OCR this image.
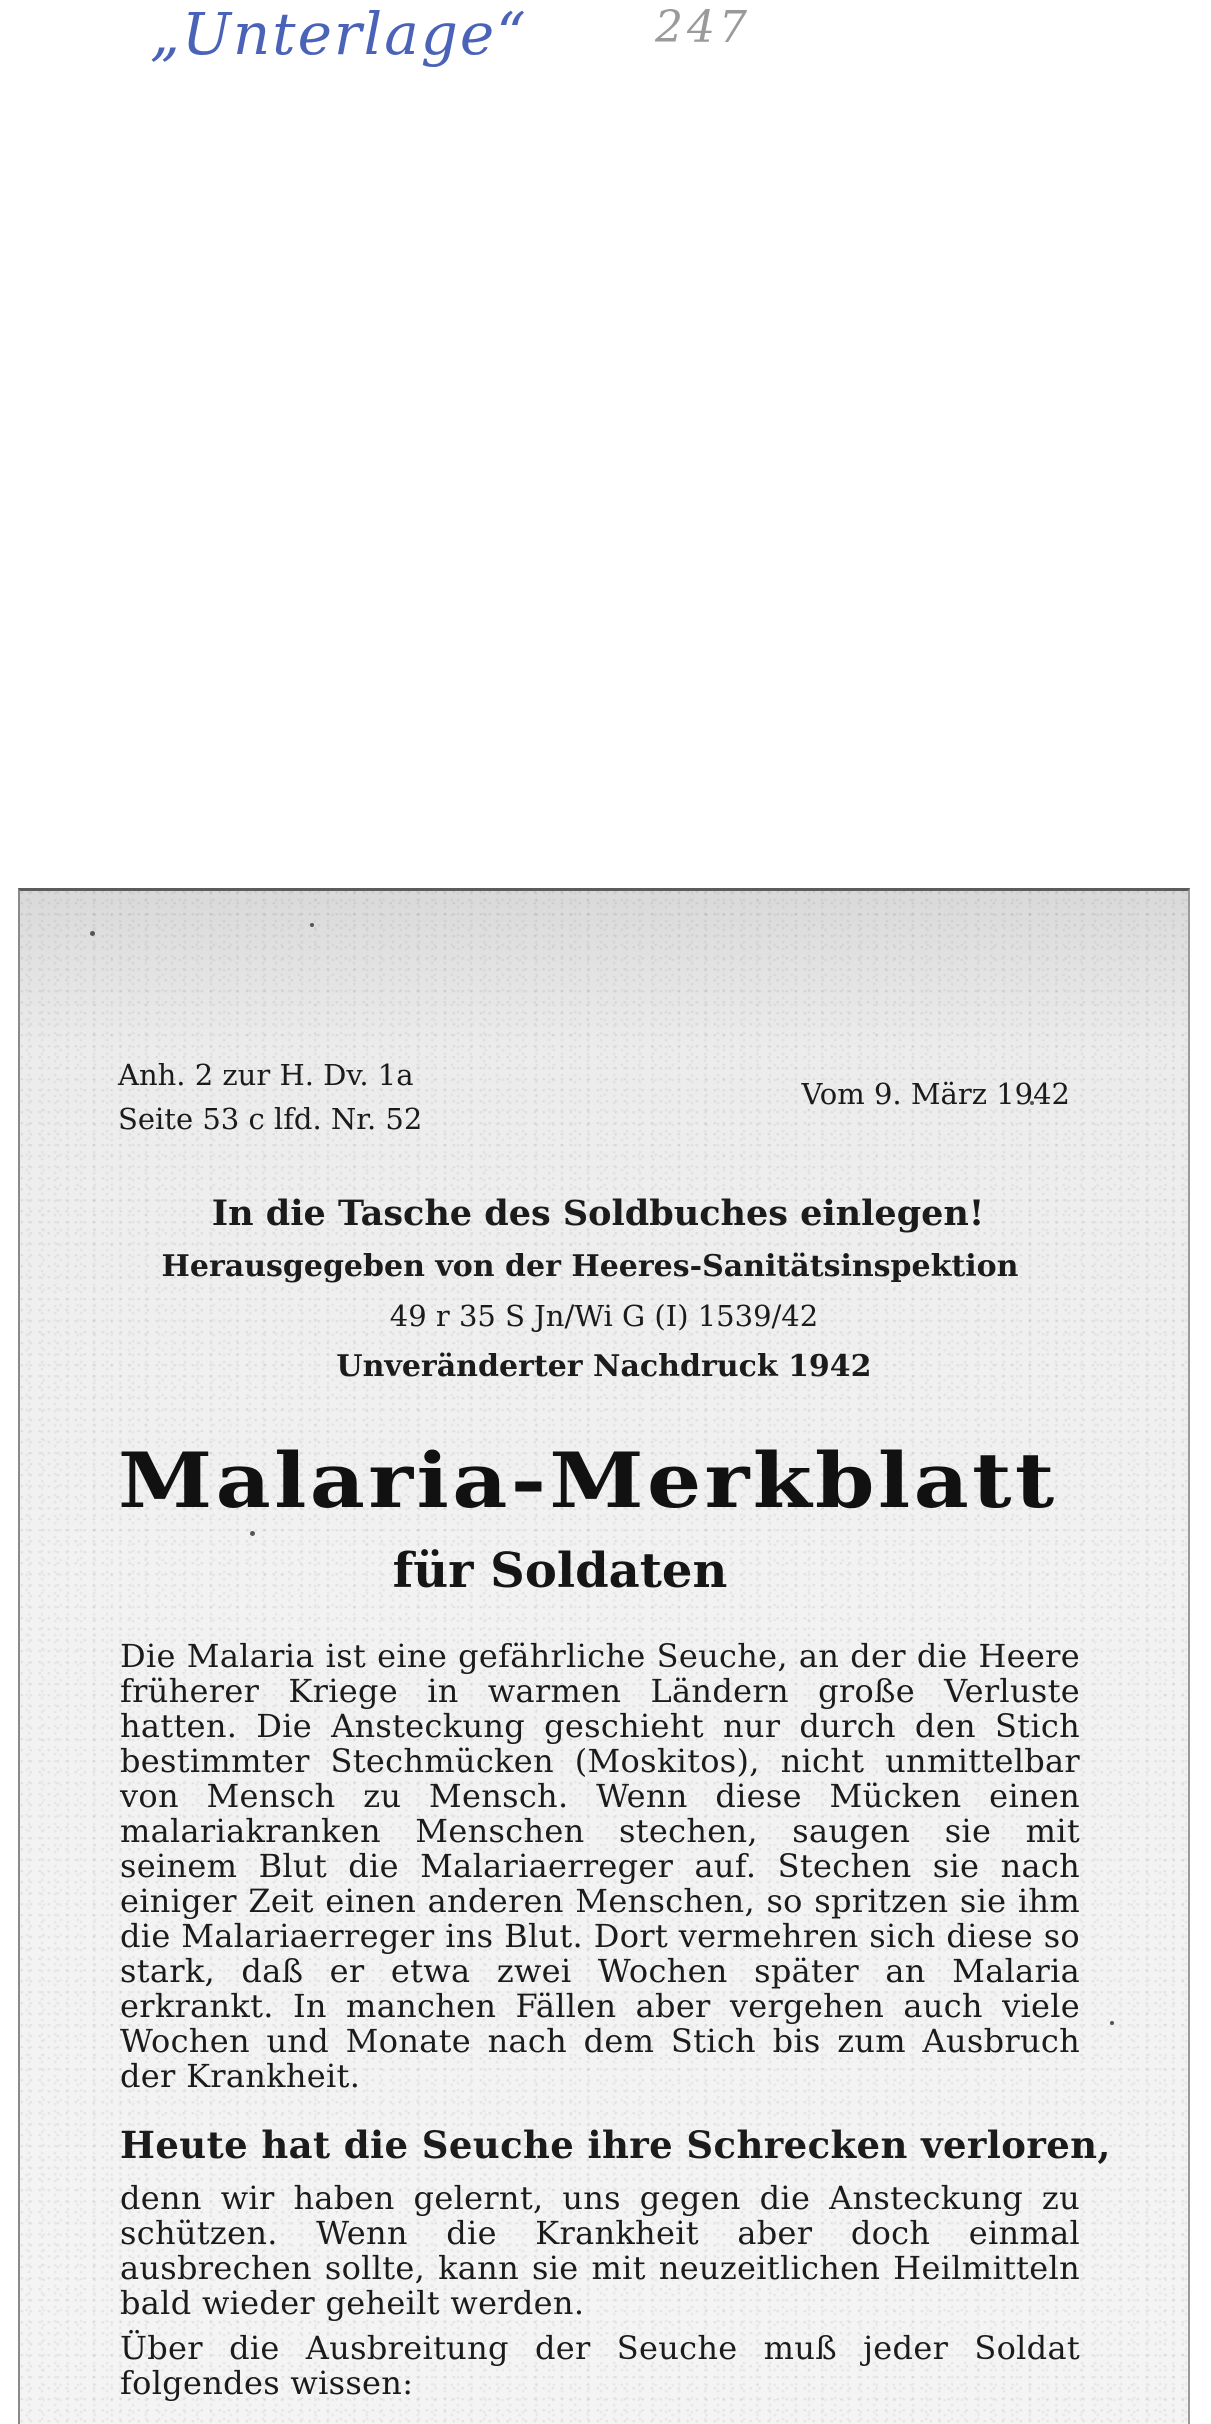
„Unterlage“	247
Anh. 2 zur H. Dv. 1a
Seite 53 c lfd. Nr. 52
Vom 9. März 1942
In die Tasche des Soldbuches einlegen!
Herausgegeben von der Heeres-Sanitätsinspektion
49 r 35 S Jn/Wi G (I) 1539/42
Unveränderter Nachdruck 1942
Malaria-Merkblatt
für Soldaten
Die Malaria ist eine gefährliche Seuche, an der die Heere früherer Kriege in warmen Ländern große Verluste hatten. Die Ansteckung geschieht nur durch den Stich bestimmter Stechmücken (Moskitos), nicht unmittelbar von Mensch zu Mensch. Wenn diese Mücken einen malariakranken Menschen stechen, saugen sie mit seinem Blut die Malariaerreger auf. Stechen sie nach einiger Zeit einen anderen Menschen, so spritzen sie ihm die Malariaerreger ins Blut. Dort vermehren sich diese so stark, daß er etwa zwei Wochen später an Malaria erkrankt. In manchen Fällen aber vergehen auch viele Wochen und Monate nach dem Stich bis zum Ausbruch der Krankheit.
Heute hat die Seuche ihre Schrecken verloren,
denn wir haben gelernt, uns gegen die Ansteckung zu schützen. Wenn die Krankheit aber doch einmal ausbrechen sollte, kann sie mit neuzeitlichen Heilmitteln bald wieder geheilt werden.
Über die Ausbreitung der Seuche muß jeder Soldat folgendes wissen:
